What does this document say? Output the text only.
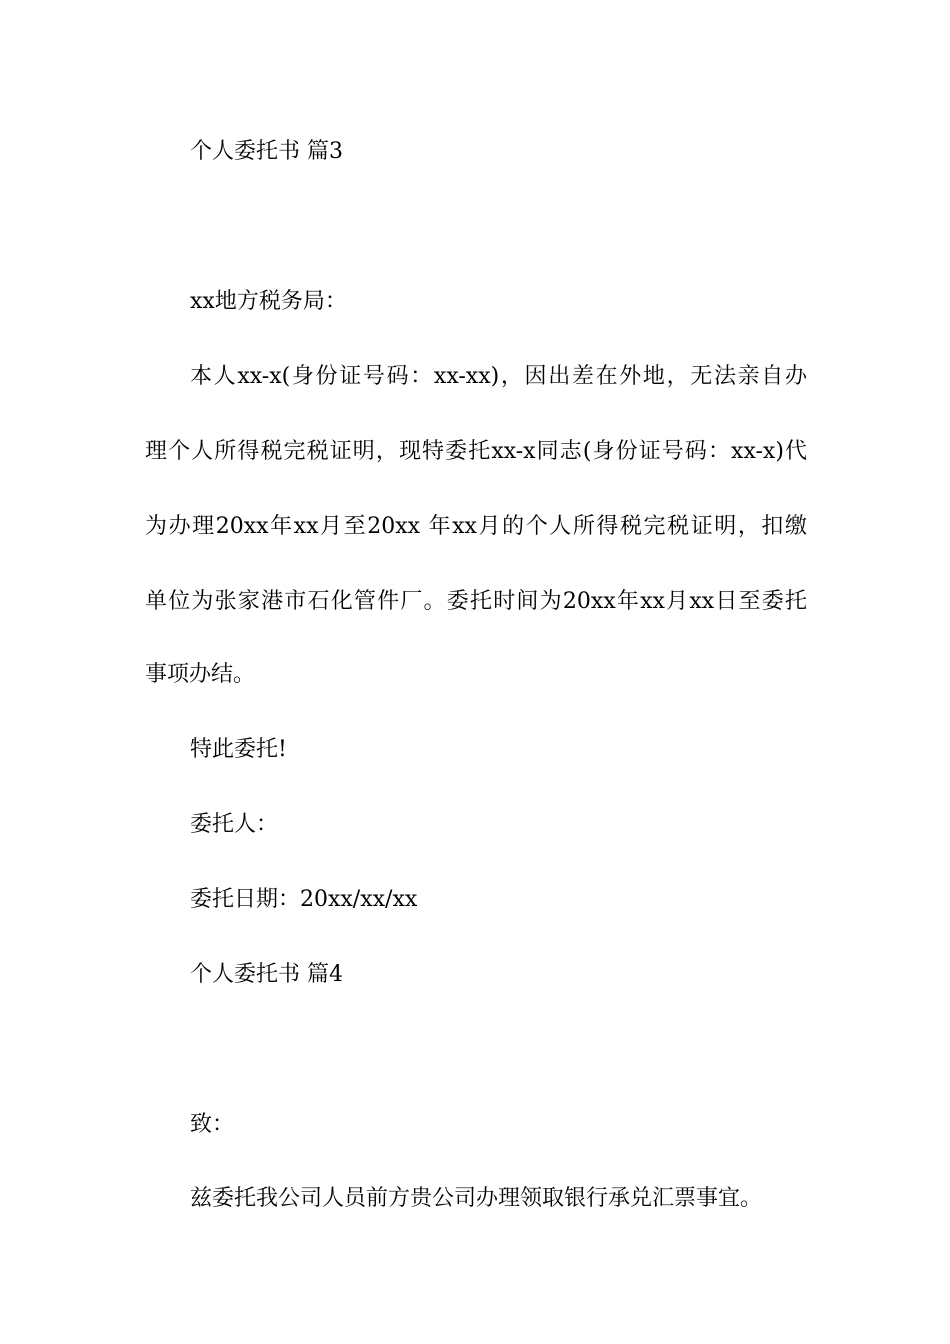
个人委托书 篇3

xx地方税务局：

本人xx-x(身份证号码：xx-xx)，因出差在外地，无法亲自办

理个人所得税完税证明，现特委托xx-x同志(身份证号码：xx-x)代

为办理20xx年xx月至20xx 年xx月的个人所得税完税证明，扣缴

单位为张家港市石化管件厂。委托时间为20xx年xx月xx日至委托

事项办结。

特此委托!

委托人：

委托日期：20xx/xx/xx

个人委托书 篇4

致：

兹委托我公司人员前方贵公司办理领取银行承兑汇票事宜。
